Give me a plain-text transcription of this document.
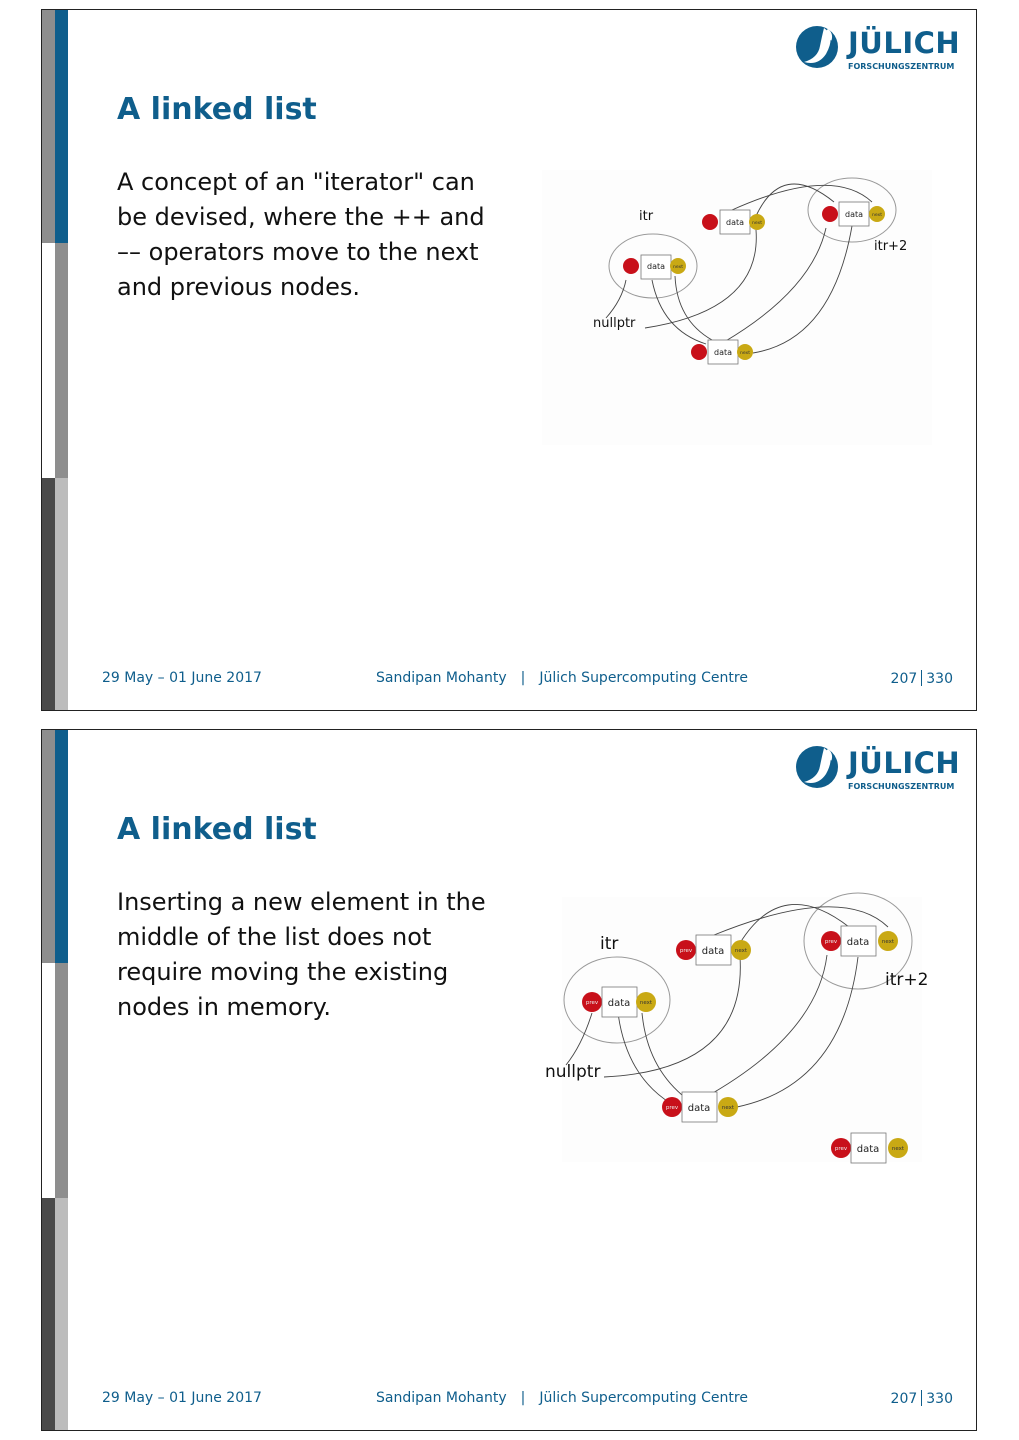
JÜLICH
FORSCHUNGSZENTRUM
A linked list

A concept of an "iterator" can be devised, where the ++ and –– operators move to the next and previous nodes.

data
data
data
data
next
next
next
next
itr
itr+2
nullptr
29 May – 01 June 2017	Sandipan Mohanty | Jülich Supercomputing Centre	207 330
JÜLICH
FORSCHUNGSZENTRUM
A linked list

Inserting a new element in the middle of the list does not require moving the existing nodes in memory.	data
data
data
data
data
next
next
next
next
next
prev
prev
prev
prev
prev
itr
itr+2
nullptr
29 May – 01 June 2017	Sandipan Mohanty | Jülich Supercomputing Centre	207 330
